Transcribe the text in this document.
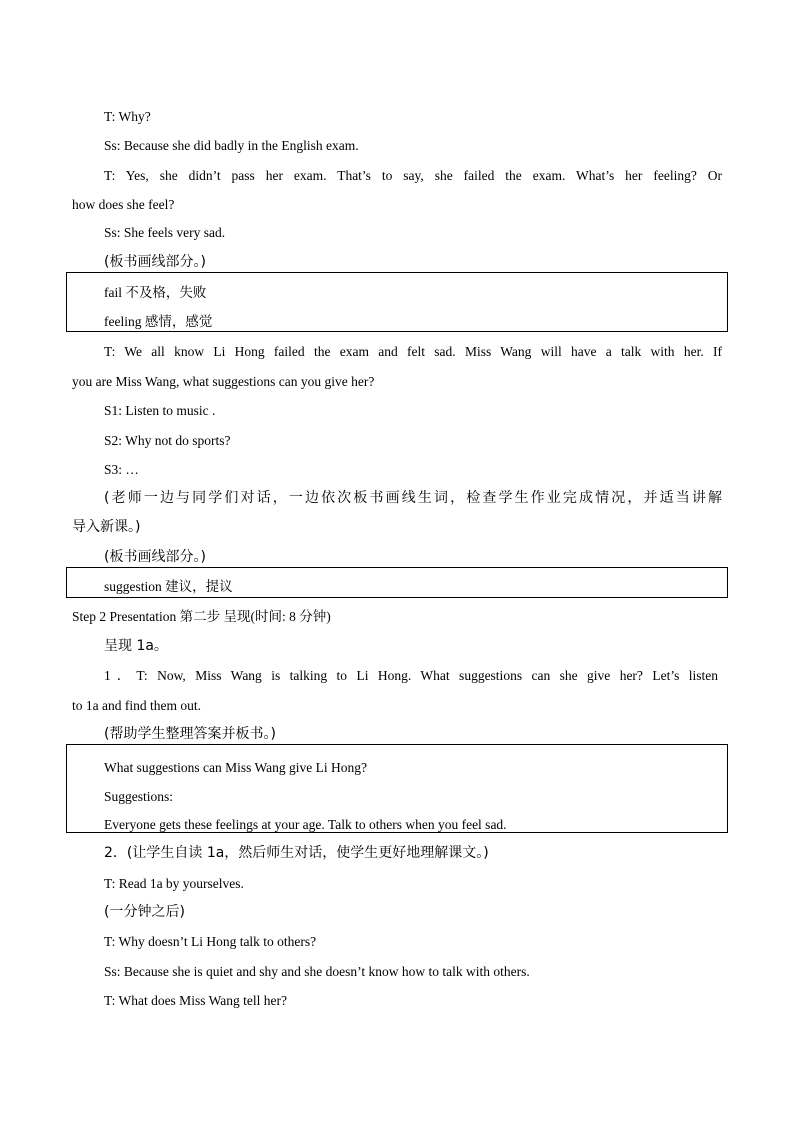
T: Why?
Ss: Because she did badly in the English exam.
T: Yes, she didn’t pass her exam. That’s to say, she failed the exam. What’s her feeling? Or
how does she feel?
Ss: She feels very sad.
(板书画线部分。)
fail 不及格，失败
feeling 感情，感觉
T: We all know Li Hong failed the exam and felt sad. Miss Wang will have a talk with her. If
you are Miss Wang, what suggestions can you give her?
S1: Listen to music .
S2: Why not do sports?
S3: …
(老师一边与同学们对话，一边依次板书画线生词，检查学生作业完成情况，并适当讲解
导入新课。)
(板书画线部分。)
suggestion 建议，提议
Step 2 Presentation 第二步 呈现(时间: 8 分钟)
呈现 1a。
1．T: Now, Miss Wang is talking to Li Hong. What suggestions can she give her? Let’s listen
to 1a and find them out.
(帮助学生整理答案并板书。)
What suggestions can Miss Wang give Li Hong?
Suggestions:
Everyone gets these feelings at your age. Talk to others when you feel sad.
2．(让学生自读 1a，然后师生对话，使学生更好地理解课文。)
T: Read 1a by yourselves.
(一分钟之后)
T: Why doesn’t Li Hong talk to others?
Ss: Because she is quiet and shy and she doesn’t know how to talk with others.
T: What does Miss Wang tell her?
